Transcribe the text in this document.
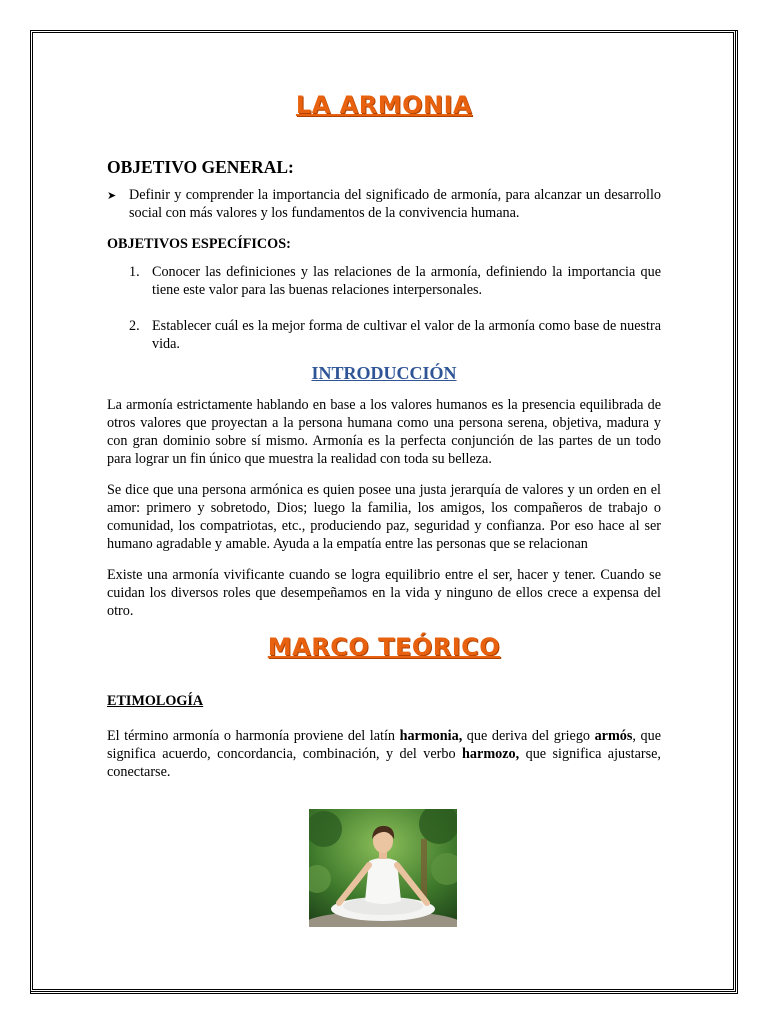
LA ARMONIA
OBJETIVO GENERAL:
➤ Definir y comprender la importancia del significado de armonía, para alcanzar un desarrollo social con más valores y los fundamentos de la convivencia humana.
OBJETIVOS ESPECÍFICOS:
1. Conocer las definiciones y las relaciones de la armonía, definiendo la importancia que tiene este valor para las buenas relaciones interpersonales.
2. Establecer cuál es la mejor forma de cultivar el valor de la armonía como base de nuestra vida.
INTRODUCCIÓN

La armonía estrictamente hablando en base a los valores humanos es la presencia equilibrada de otros valores que proyectan a la persona humana como una persona serena, objetiva, madura y con gran dominio sobre sí mismo. Armonía es la perfecta conjunción de las partes de un todo para lograr un fin único que muestra la realidad con toda su belleza.

Se dice que una persona armónica es quien posee una justa jerarquía de valores y un orden en el amor: primero y sobretodo, Dios; luego la familia, los amigos, los compañeros de trabajo o comunidad, los compatriotas, etc., produciendo paz, seguridad y confianza. Por eso hace al ser humano agradable y amable. Ayuda a la empatía entre las personas que se relacionan

Existe una armonía vivificante cuando se logra equilibrio entre el ser, hacer y tener. Cuando se cuidan los diversos roles que desempeñamos en la vida y ninguno de ellos crece a expensa del otro.

MARCO TEÓRICO
ETIMOLOGÍA

El término armonía o harmonía proviene del latín harmonia, que deriva del griego armós, que significa acuerdo, concordancia, combinación, y del verbo harmozo, que significa ajustarse, conectarse.
